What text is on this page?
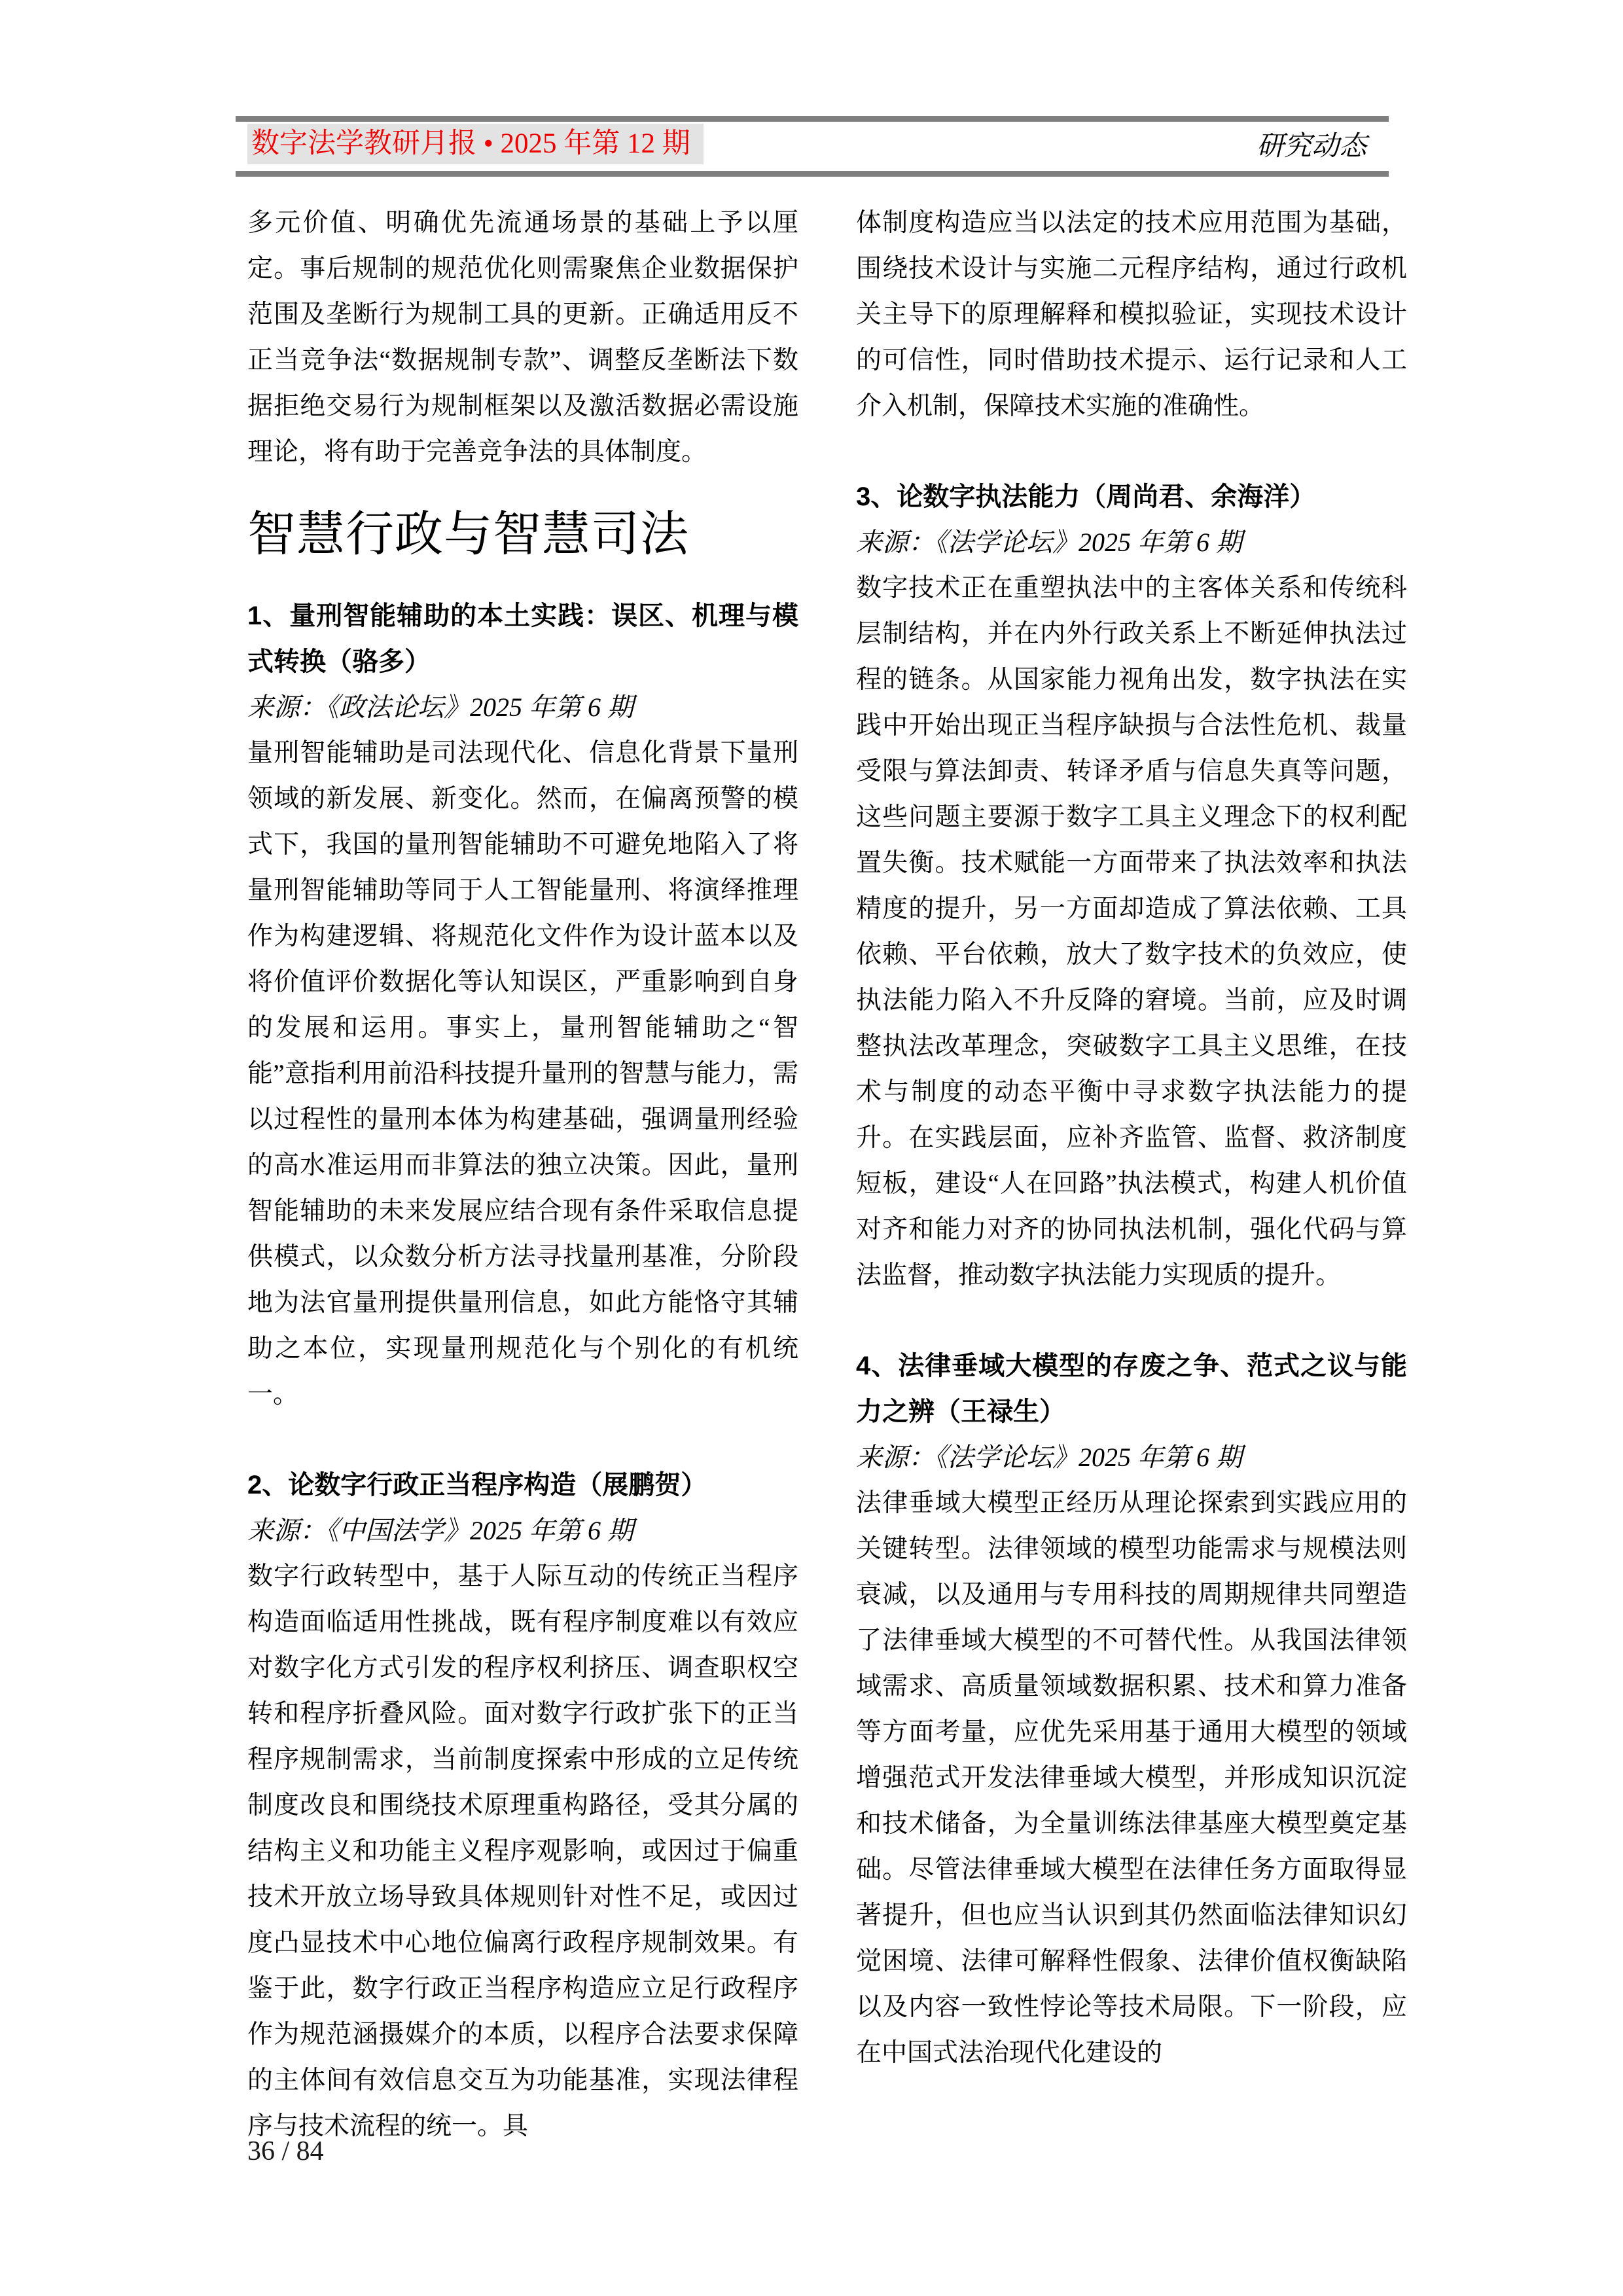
数字法学教研月报 • 2025 年第 12 期	研究动态

多元价值、明确优先流通场景的基础上予以厘定。事后规制的规范优化则需聚焦企业数据保护范围及垄断行为规制工具的更新。正确适用反不正当竞争法“数据规制专款”、调整反垄断法下数据拒绝交易行为规制框架以及激活数据必需设施理论，将有助于完善竞争法的具体制度。

智慧行政与智慧司法
1、量刑智能辅助的本土实践：误区、机理与模式转换（骆多）

来源：《政法论坛》2025 年第 6 期

量刑智能辅助是司法现代化、信息化背景下量刑领域的新发展、新变化。然而，在偏离预警的模式下，我国的量刑智能辅助不可避免地陷入了将量刑智能辅助等同于人工智能量刑、将演绎推理作为构建逻辑、将规范化文件作为设计蓝本以及将价值评价数据化等认知误区，严重影响到自身的发展和运用。事实上，量刑智能辅助之“智能”意指利用前沿科技提升量刑的智慧与能力，需以过程性的量刑本体为构建基础，强调量刑经验的高水准运用而非算法的独立决策。因此，量刑智能辅助的未来发展应结合现有条件采取信息提供模式，以众数分析方法寻找量刑基准，分阶段地为法官量刑提供量刑信息，如此方能恪守其辅助之本位，实现量刑规范化与个别化的有机统一。

2、论数字行政正当程序构造（展鹏贺）

来源：《中国法学》2025 年第 6 期

数字行政转型中，基于人际互动的传统正当程序构造面临适用性挑战，既有程序制度难以有效应对数字化方式引发的程序权利挤压、调查职权空转和程序折叠风险。面对数字行政扩张下的正当程序规制需求，当前制度探索中形成的立足传统制度改良和围绕技术原理重构路径，受其分属的结构主义和功能主义程序观影响，或因过于偏重技术开放立场导致具体规则针对性不足，或因过度凸显技术中心地位偏离行政程序规制效果。有鉴于此，数字行政正当程序构造应立足行政程序作为规范涵摄媒介的本质，以程序合法要求保障的主体间有效信息交互为功能基准，实现法律程序与技术流程的统一。具

体制度构造应当以法定的技术应用范围为基础，围绕技术设计与实施二元程序结构，通过行政机关主导下的原理解释和模拟验证，实现技术设计的可信性，同时借助技术提示、运行记录和人工介入机制，保障技术实施的准确性。

3、论数字执法能力（周尚君、余海洋）

来源：《法学论坛》2025 年第 6 期

数字技术正在重塑执法中的主客体关系和传统科层制结构，并在内外行政关系上不断延伸执法过程的链条。从国家能力视角出发，数字执法在实践中开始出现正当程序缺损与合法性危机、裁量受限与算法卸责、转译矛盾与信息失真等问题，这些问题主要源于数字工具主义理念下的权利配置失衡。技术赋能一方面带来了执法效率和执法精度的提升，另一方面却造成了算法依赖、工具依赖、平台依赖，放大了数字技术的负效应，使执法能力陷入不升反降的窘境。当前，应及时调整执法改革理念，突破数字工具主义思维，在技术与制度的动态平衡中寻求数字执法能力的提升。在实践层面，应补齐监管、监督、救济制度短板，建设“人在回路”执法模式，构建人机价值对齐和能力对齐的协同执法机制，强化代码与算法监督，推动数字执法能力实现质的提升。

4、法律垂域大模型的存废之争、范式之议与能力之辨（王禄生）

来源：《法学论坛》2025 年第 6 期

法律垂域大模型正经历从理论探索到实践应用的关键转型。法律领域的模型功能需求与规模法则衰减，以及通用与专用科技的周期规律共同塑造了法律垂域大模型的不可替代性。从我国法律领域需求、高质量领域数据积累、技术和算力准备等方面考量，应优先采用基于通用大模型的领域增强范式开发法律垂域大模型，并形成知识沉淀和技术储备，为全量训练法律基座大模型奠定基础。尽管法律垂域大模型在法律任务方面取得显著提升，但也应当认识到其仍然面临法律知识幻觉困境、法律可解释性假象、法律价值权衡缺陷以及内容一致性悖论等技术局限。下一阶段，应在中国式法治现代化建设的

36 / 84
